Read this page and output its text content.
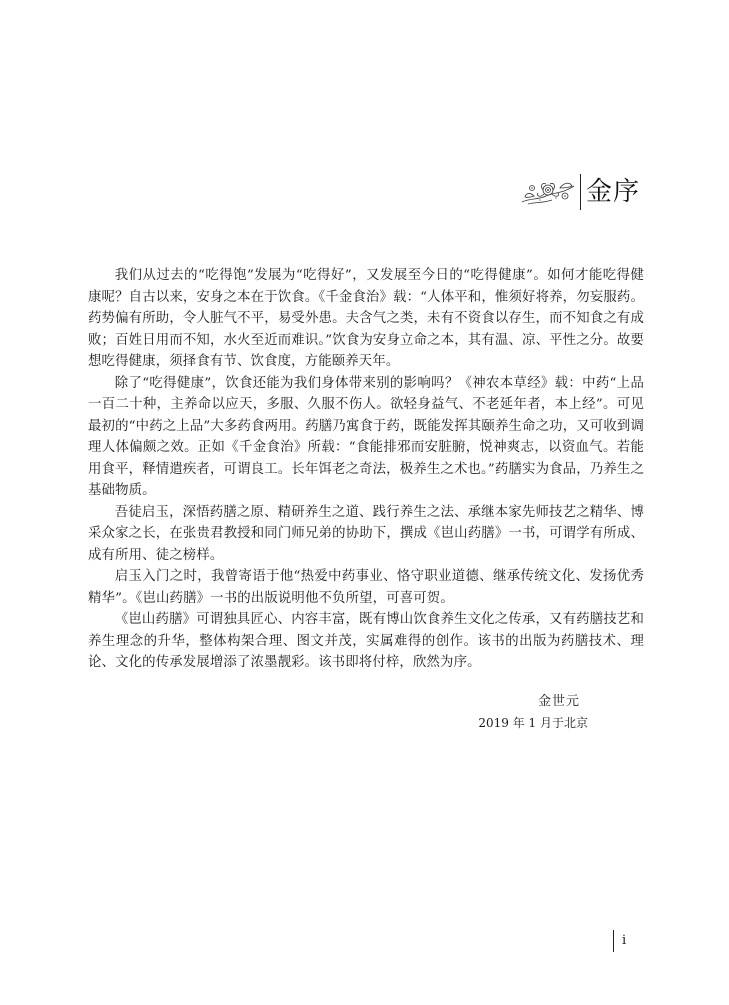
金序

我们从过去的“吃得饱”发展为“吃得好”，又发展至今日的“吃得健康”。如何才能吃得健康呢？自古以来，安身之本在于饮食。《千金食治》载：“人体平和，惟须好将养，勿妄服药。药势偏有所助，令人脏气不平，易受外患。夫含气之类，未有不资食以存生，而不知食之有成败；百姓日用而不知，水火至近而难识。”饮食为安身立命之本，其有温、凉、平性之分。故要想吃得健康，须择食有节、饮食度，方能颐养天年。

除了“吃得健康”，饮食还能为我们身体带来别的影响吗？《神农本草经》载：中药“上品一百二十种，主养命以应天，多服、久服不伤人。欲轻身益气、不老延年者，本上经”。可见最初的“中药之上品”大多药食两用。药膳乃寓食于药，既能发挥其颐养生命之功，又可收到调理人体偏颇之效。正如《千金食治》所载：“食能排邪而安脏腑，悦神爽志，以资血气。若能用食平，释情遣疾者，可谓良工。长年饵老之奇法，极养生之术也。”药膳实为食品，乃养生之基础物质。

吾徒启玉，深悟药膳之原、精研养生之道、践行养生之法、承继本家先师技艺之精华、博采众家之长，在张贵君教授和同门师兄弟的协助下，撰成《岜山药膳》一书，可谓学有所成、成有所用、徒之榜样。

启玉入门之时，我曾寄语于他“热爱中药事业、恪守职业道德、继承传统文化、发扬优秀精华”。《岜山药膳》一书的出版说明他不负所望，可喜可贺。

《岜山药膳》可谓独具匠心、内容丰富，既有博山饮食养生文化之传承，又有药膳技艺和养生理念的升华，整体构架合理、图文并茂，实属难得的创作。该书的出版为药膳技术、理论、文化的传承发展增添了浓墨靓彩。该书即将付梓，欣然为序。

金世元
2019 年 1 月于北京
i
